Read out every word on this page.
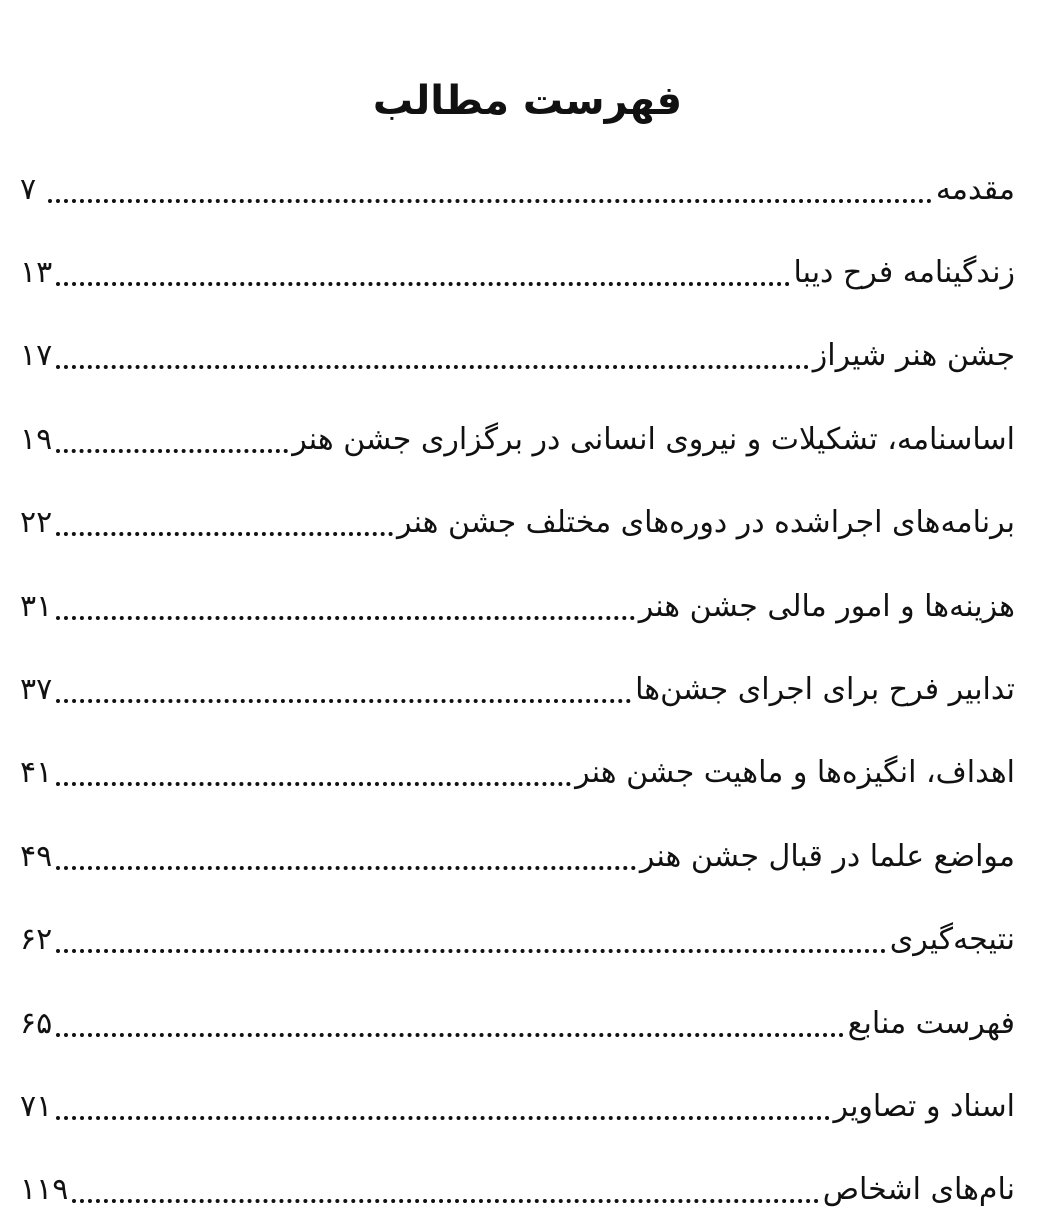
فهرست مطالب
مقدمه
۷
زندگینامه فرح دیبا
۱۳
جشن هنر شیراز
۱۷
اساسنامه، تشکیلات و نیروی انسانی در برگزاری جشن هنر
۱۹
برنامه‌های اجراشده در دوره‌های مختلف جشن هنر
۲۲
هزینه‌ها و امور مالی جشن هنر
۳۱
تدابیر فرح برای اجرای جشن‌ها
۳۷
اهداف، انگیزه‌ها و ماهیت جشن هنر
۴۱
مواضع علما در قبال جشن هنر
۴۹
نتیجه‌گیری
۶۲
فهرست منابع
۶۵
اسناد و تصاویر
۷۱
نام‌های اشخاص
۱۱۹
